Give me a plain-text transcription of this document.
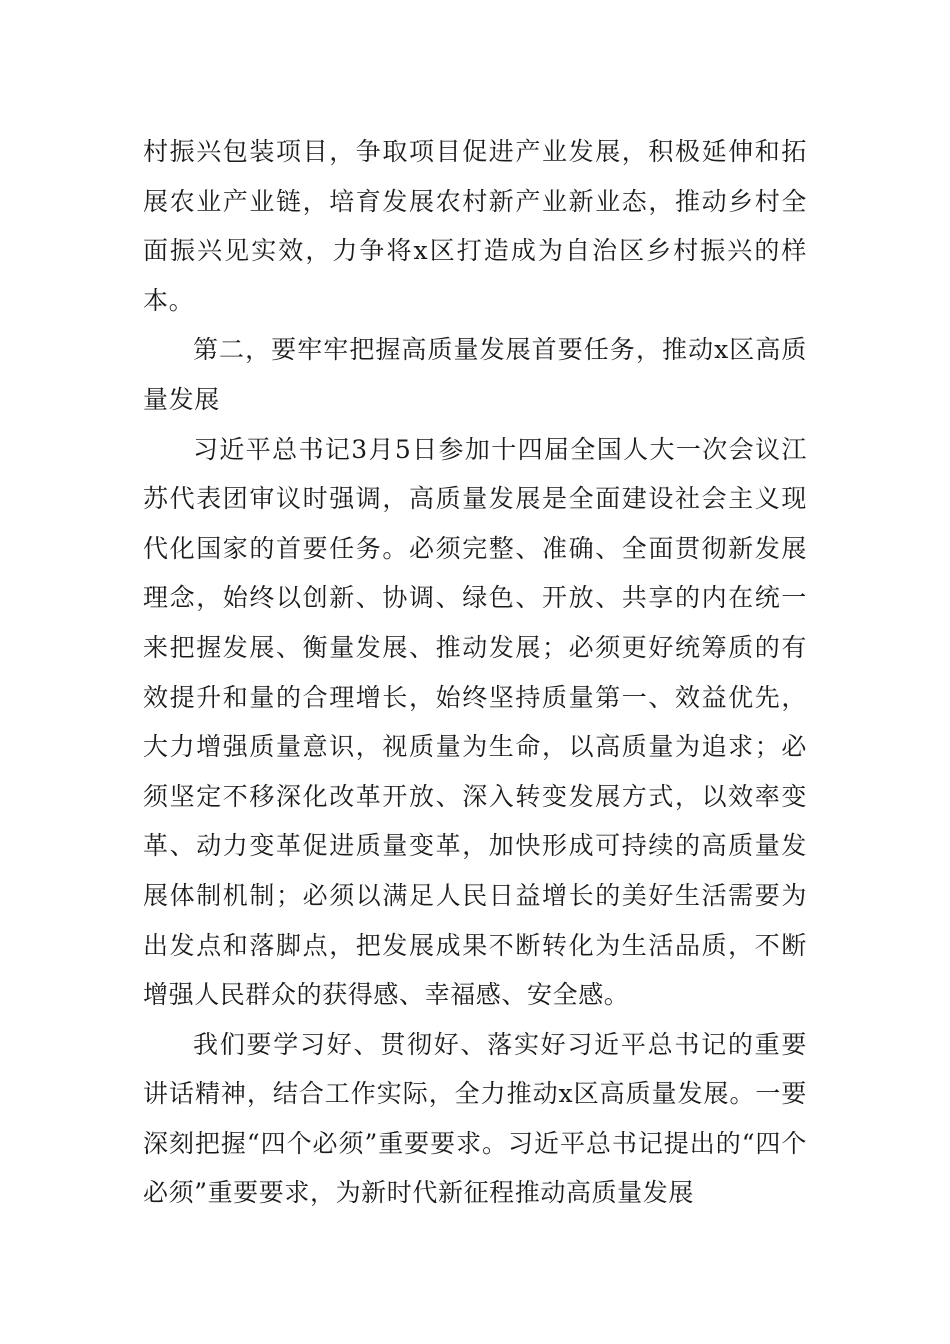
村振兴包装项目，争取项目促进产业发展，积极延伸和拓展农业产业链，培育发展农村新产业新业态，推动乡村全面振兴见实效，力争将x区打造成为自治区乡村振兴的样本。

第二，要牢牢把握高质量发展首要任务，推动x区高质量发展

习近平总书记3月5日参加十四届全国人大一次会议江苏代表团审议时强调，高质量发展是全面建设社会主义现代化国家的首要任务。必须完整、准确、全面贯彻新发展理念，始终以创新、协调、绿色、开放、共享的内在统一来把握发展、衡量发展、推动发展；必须更好统筹质的有效提升和量的合理增长，始终坚持质量第一、效益优先，大力增强质量意识，视质量为生命，以高质量为追求；必须坚定不移深化改革开放、深入转变发展方式，以效率变革、动力变革促进质量变革，加快形成可持续的高质量发展体制机制；必须以满足人民日益增长的美好生活需要为出发点和落脚点，把发展成果不断转化为生活品质，不断增强人民群众的获得感、幸福感、安全感。

我们要学习好、贯彻好、落实好习近平总书记的重要讲话精神，结合工作实际，全力推动x区高质量发展。一要深刻把握“四个必须”重要要求。习近平总书记提出的“四个必须”重要要求，为新时代新征程推动高质量发展
